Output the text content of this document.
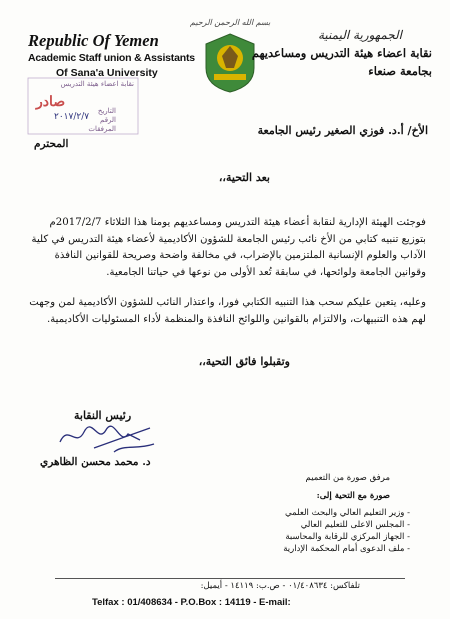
Republic Of Yemen
Academic Staff union & Assistants
Of Sana'a University
نقابة اعضاء هيئة التدريس
التاريخ
الرقم
المرفقات
صادر
٢٠١٧/٢/٧
بسم الله الرحمن الرحيم
الجمهورية اليمنية
نقابة اعضاء هيئة التدريس ومساعديهم
بجامعة صنعاء
الأخ/ أ.د. فوزي الصغير رئيس الجامعة
المحترم
بعد التحية،،

فوجئت الهيئة الإدارية لنقابة أعضاء هيئة التدريس ومساعديهم يومنا هذا الثلاثاء 2017/2/7م بتوزيع تنبيه كتابي من الأخ نائب رئيس الجامعة للشؤون الأكاديمية لأعضاء هيئة التدريس في كلية الآداب والعلوم الإنسانية الملتزمين بالإضراب، في مخالفة واضحة وصريحة للقوانين النافذة وقوانين الجامعة ولوائحها، في سابقة تُعد الأولى من نوعها في حياتنا الجامعية.

وعليه، يتعين عليكم سحب هذا التنبيه الكتابي فورا، واعتذار النائب للشؤون الأكاديمية لمن وجهت لهم هذه التنبيهات، والالتزام بالقوانين واللوائح النافذة والمنظمة لأداء المسئوليات الأكاديمية.

وتقبلوا فائق التحية،،
رئيس النقابة
د. محمد محسن الظاهري
مرفق صورة من التعميم
صورة مع التحية إلى:
- وزير التعليم العالي والبحث العلمي
- المجلس الاعلى للتعليم العالي
- الجهاز المركزي للرقابة والمحاسبة
- ملف الدعوى أمام المحكمة الإدارية
تلفاكس: ٠١/٤٠٨٦٣٤ - ص.ب: ١٤١١٩ - أيميل:
Telfax : 01/408634 - P.O.Box : 14119 - E-mail:
